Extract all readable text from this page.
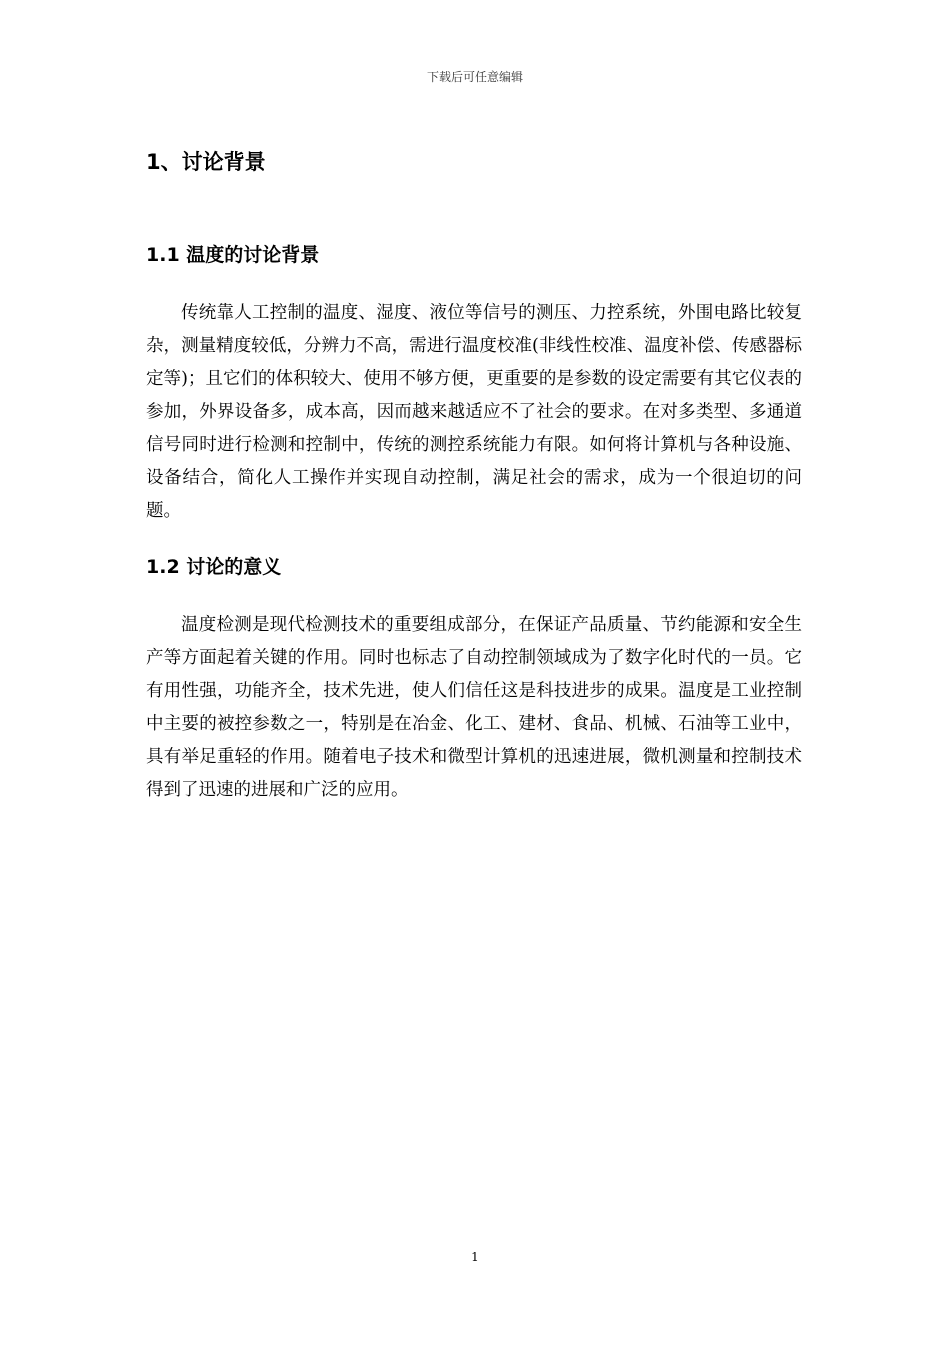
下载后可任意编辑
1、讨论背景
1.1 温度的讨论背景

传统靠人工控制的温度、湿度、液位等信号的测压、力控系统，外围电路比较复杂，测量精度较低，分辨力不高，需进行温度校准(非线性校准、温度补偿、传感器标定等)；且它们的体积较大、使用不够方便，更重要的是参数的设定需要有其它仪表的参加，外界设备多，成本高，因而越来越适应不了社会的要求。在对多类型、多通道信号同时进行检测和控制中，传统的测控系统能力有限。如何将计算机与各种设施、设备结合，简化人工操作并实现自动控制，满足社会的需求，成为一个很迫切的问题。

1.2 讨论的意义

温度检测是现代检测技术的重要组成部分，在保证产品质量、节约能源和安全生产等方面起着关键的作用。同时也标志了自动控制领域成为了数字化时代的一员。它有用性强，功能齐全，技术先进，使人们信任这是科技进步的成果。温度是工业控制中主要的被控参数之一，特别是在冶金、化工、建材、食品、机械、石油等工业中，具有举足重轻的作用。随着电子技术和微型计算机的迅速进展，微机测量和控制技术得到了迅速的进展和广泛的应用。

1
